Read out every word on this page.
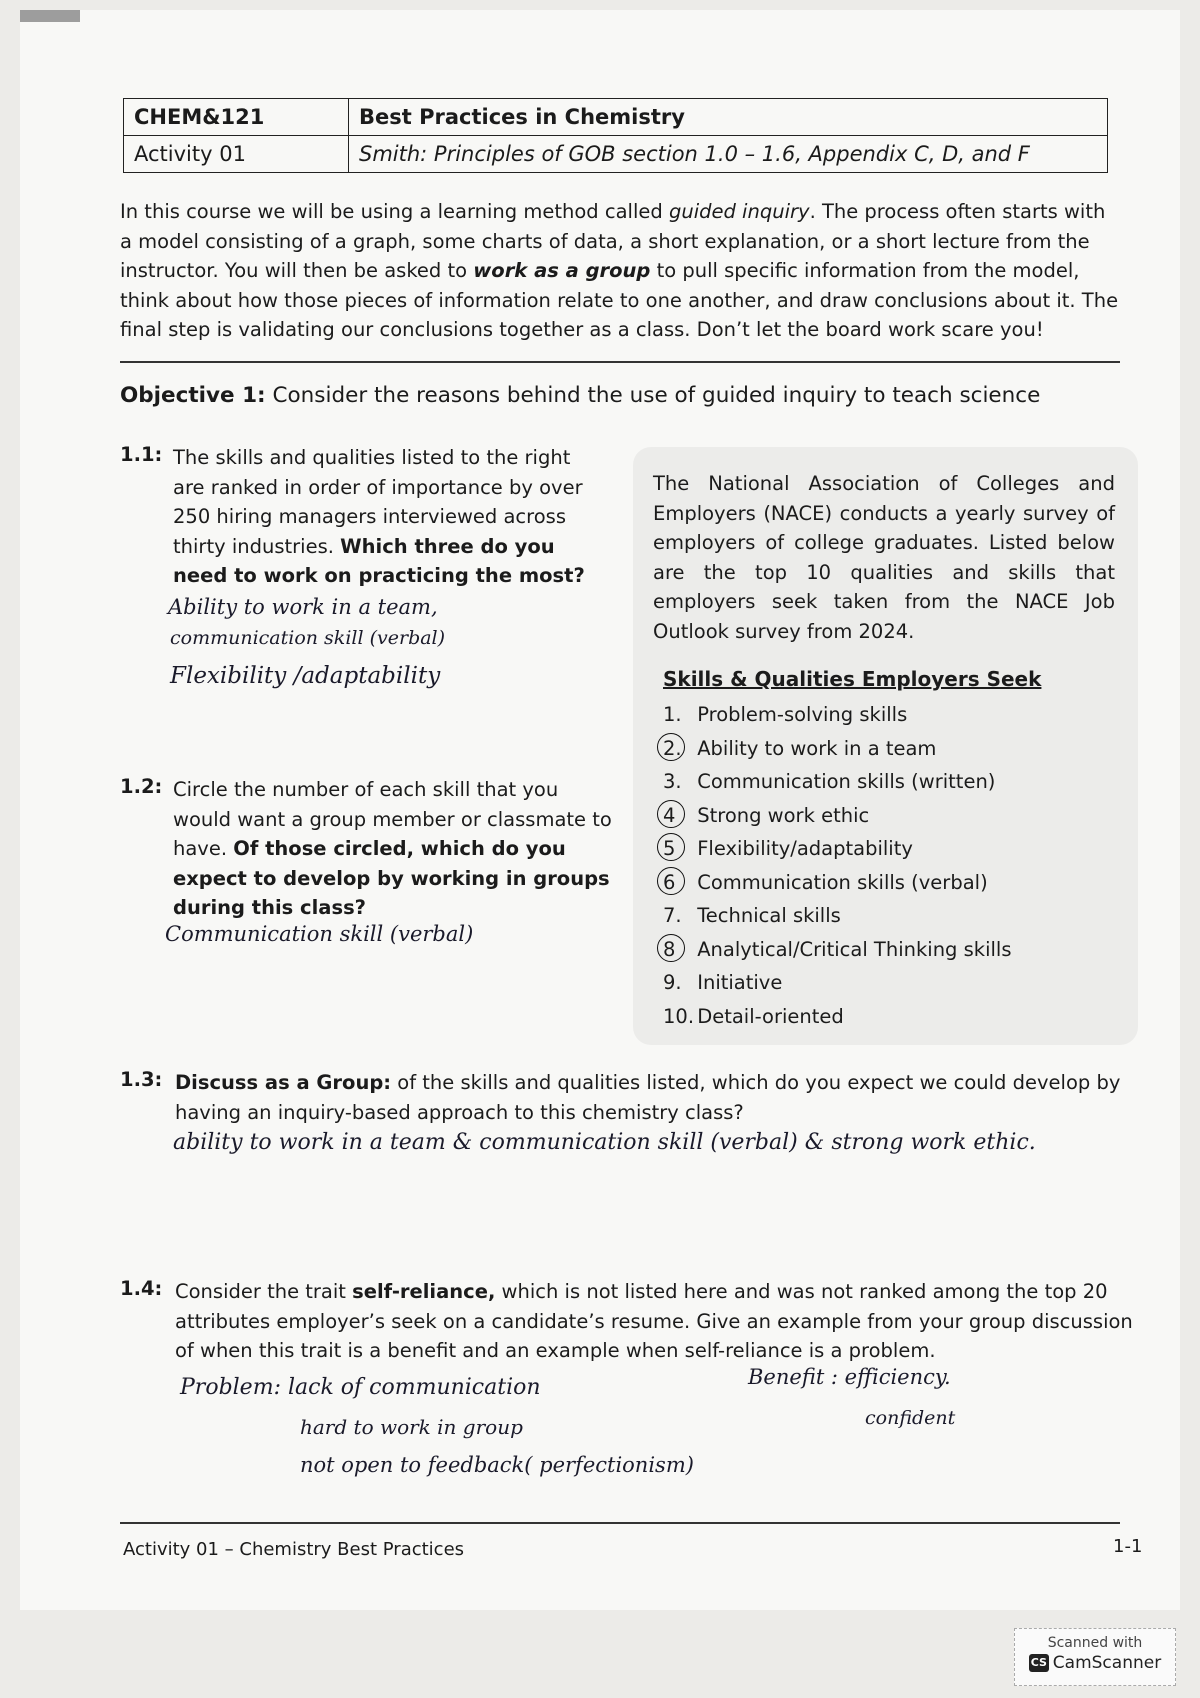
CHEM&121	Best Practices in Chemistry
Activity 01	Smith: Principles of GOB section 1.0 – 1.6, Appendix C, D, and F

In this course we will be using a learning method called guided inquiry. The process often starts with a model consisting of a graph, some charts of data, a short explanation, or a short lecture from the instructor. You will then be asked to work as a group to pull specific information from the model, think about how those pieces of information relate to one another, and draw conclusions about it. The final step is validating our conclusions together as a class. Don’t let the board work scare you!

Objective 1: Consider the reasons behind the use of guided inquiry to teach science
1.1: The skills and qualities listed to the right are ranked in order of importance by over 250 hiring managers interviewed across thirty industries. Which three do you need to work on practicing the most?

Ability to work in a team,
communication skill (verbal)
Flexibility /adaptability
1.2: Circle the number of each skill that you would want a group member or classmate to have. Of those circled, which do you expect to develop by working in groups during this class?

Communication skill (verbal)

The National Association of Colleges and Employers (NACE) conducts a yearly survey of employers of college graduates. Listed below are the top 10 qualities and skills that employers seek taken from the NACE Job Outlook survey from 2024.

Skills & Qualities Employers Seek
1. Problem-solving skills
2. Ability to work in a team
3. Communication skills (written)
4 Strong work ethic
5 Flexibility/adaptability
6 Communication skills (verbal)
7. Technical skills
8 Analytical/Critical Thinking skills
9. Initiative
10. Detail-oriented
1.3: Discuss as a Group: of the skills and qualities listed, which do you expect we could develop by having an inquiry-based approach to this chemistry class?

ability to work in a team & communication skill (verbal) & strong work ethic.
1.4: Consider the trait self-reliance, which is not listed here and was not ranked among the top 20 attributes employer’s seek on a candidate’s resume. Give an example from your group discussion of when this trait is a benefit and an example when self-reliance is a problem.

Problem: lack of communication
hard to work in group
not open to feedback( perfectionism)
Benefit : efficiency.
confident
Activity 01 – Chemistry Best Practices	1-1
Scanned with
CS CamScanner
